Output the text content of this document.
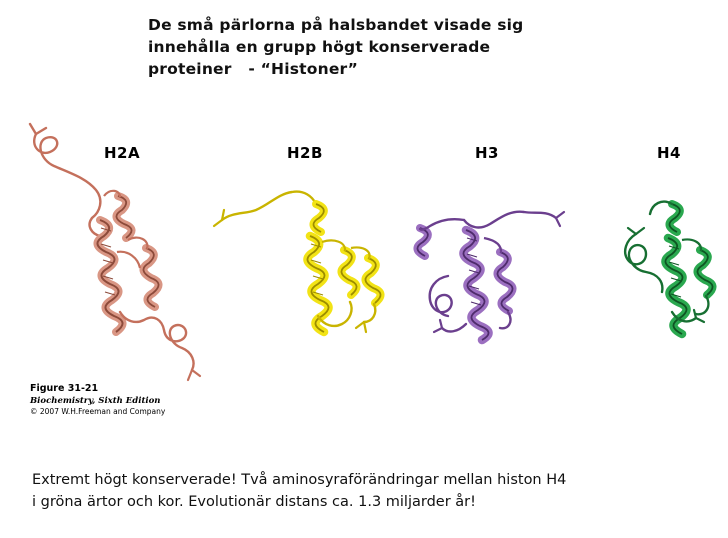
De små pärlorna på halsbandet visade sig
innehålla en grupp högt konserverade
proteiner   - “Histoner”
H2A	H2B	H3	H4
Figure 31-21
Biochemistry, Sixth Edition
© 2007 W.H.Freeman and Company
Extremt högt konserverade! Två aminosyraförändringar mellan histon H4
i gröna ärtor och kor. Evolutionär distans ca. 1.3 miljarder år!
